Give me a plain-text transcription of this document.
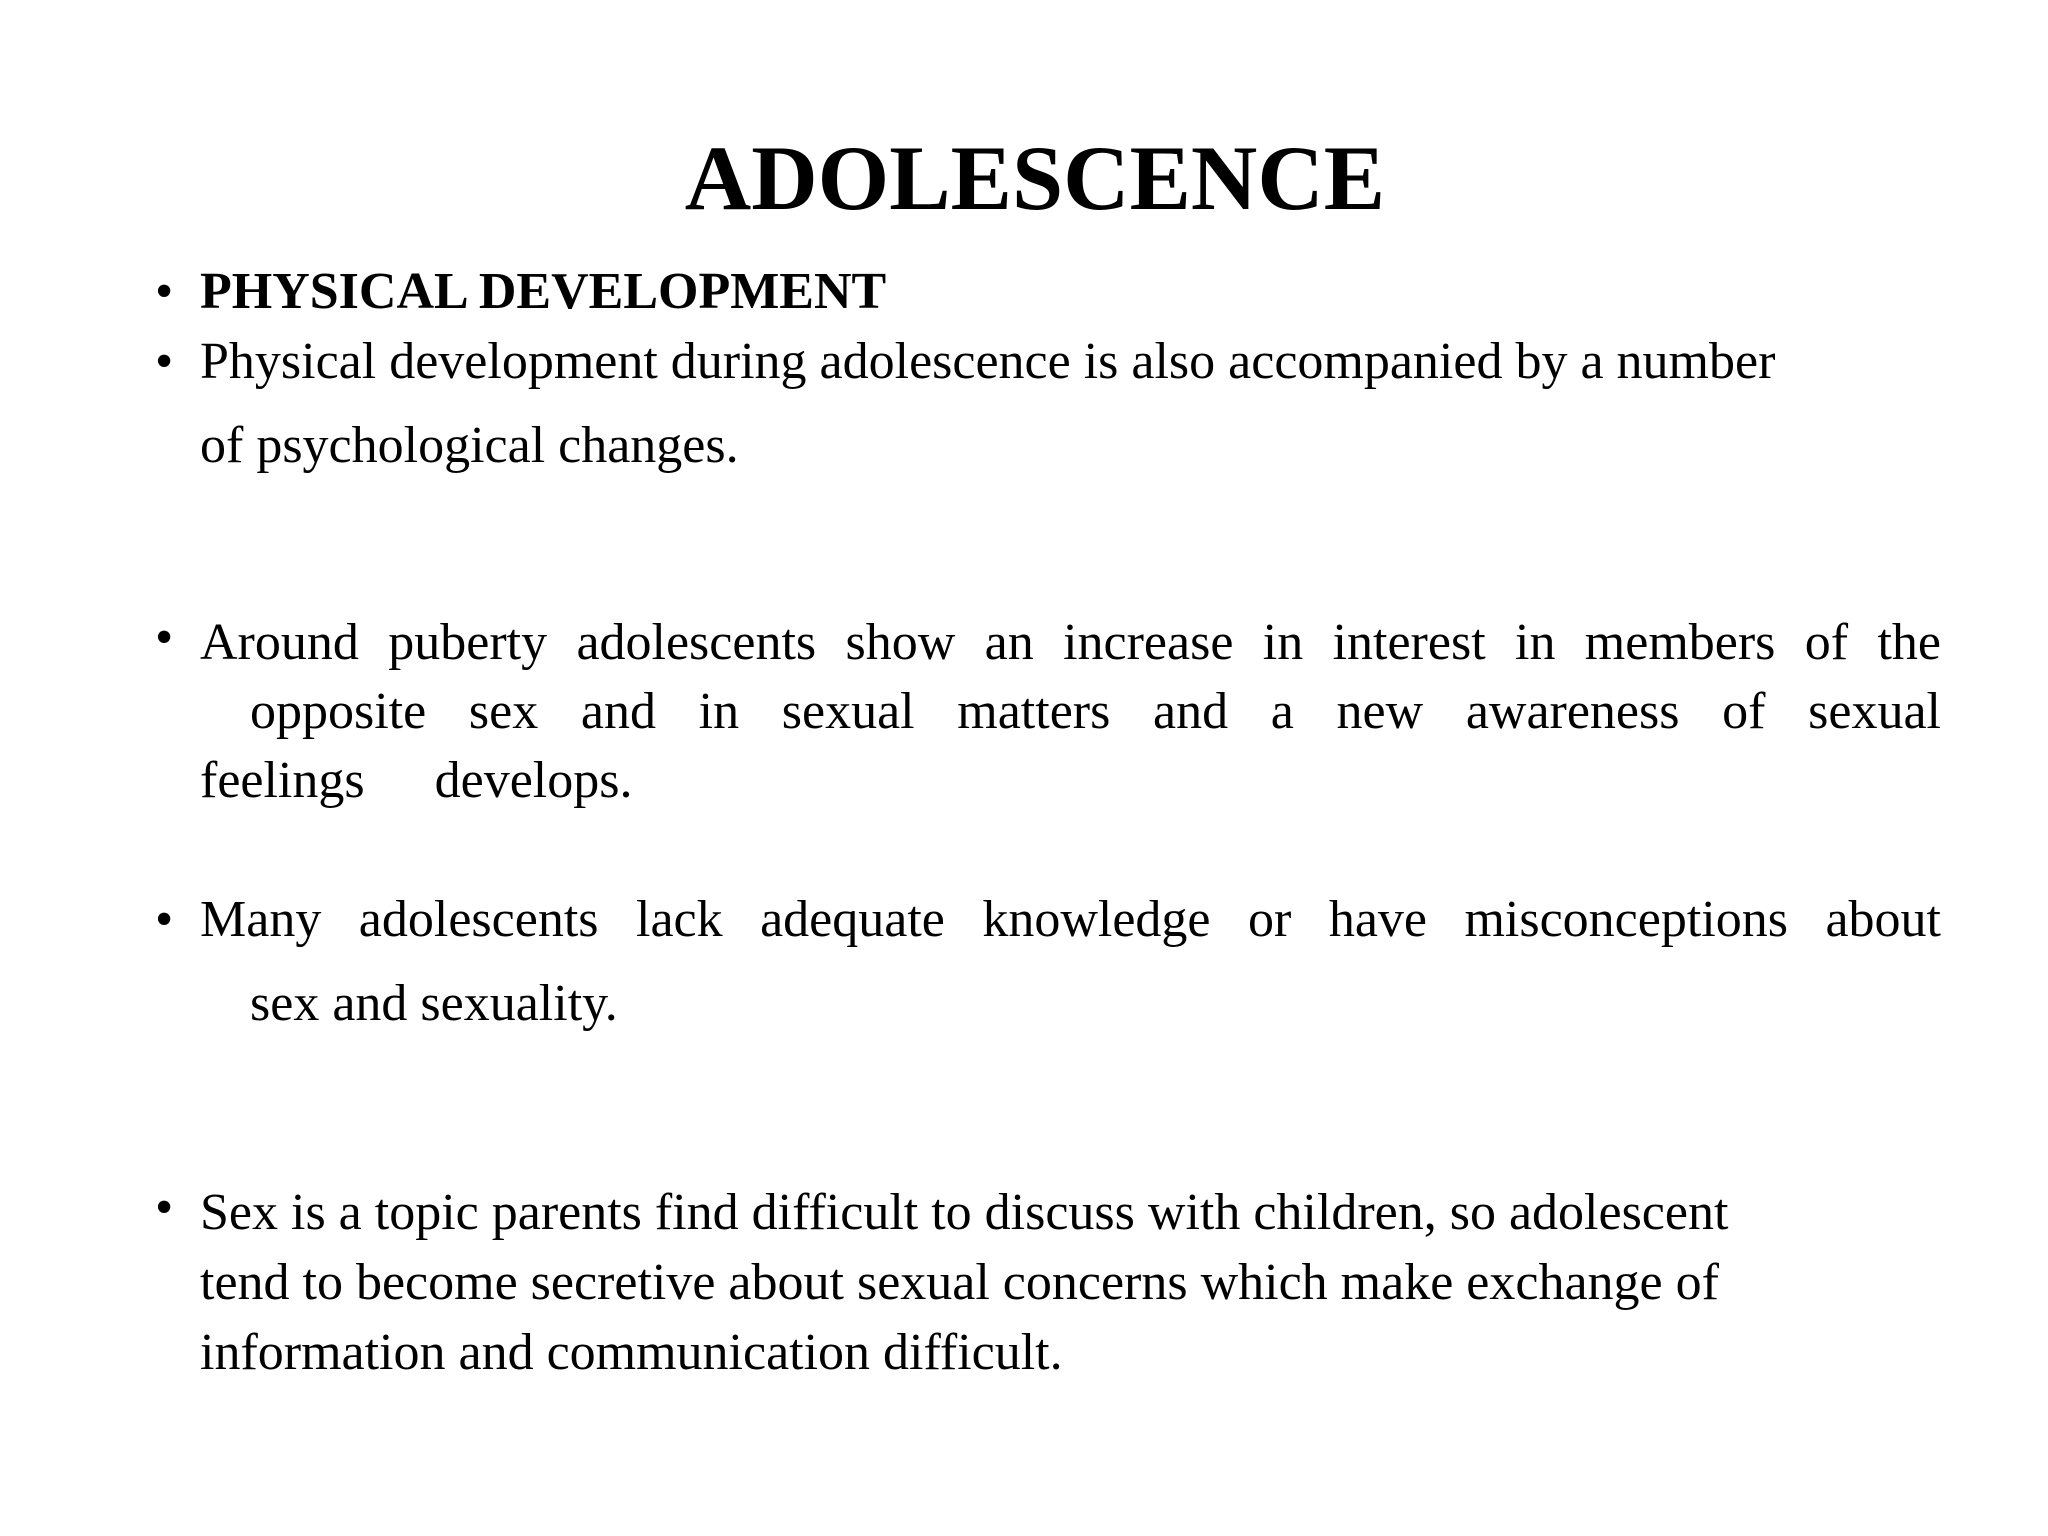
ADOLESCENCE
• PHYSICAL DEVELOPMENT

• Physical development during adolescence is also accompanied by a number
of psychological changes.

• Around puberty adolescents show an increase in interest in members of the
opposite sex and in sexual matters and a new awareness of sexual
feelings develops.
• Many adolescents lack adequate knowledge or have misconceptions about
sex and sexuality.
• Sex is a topic parents find difficult to discuss with children, so adolescent
tend to become secretive about sexual concerns which make exchange of
information and communication difficult.
